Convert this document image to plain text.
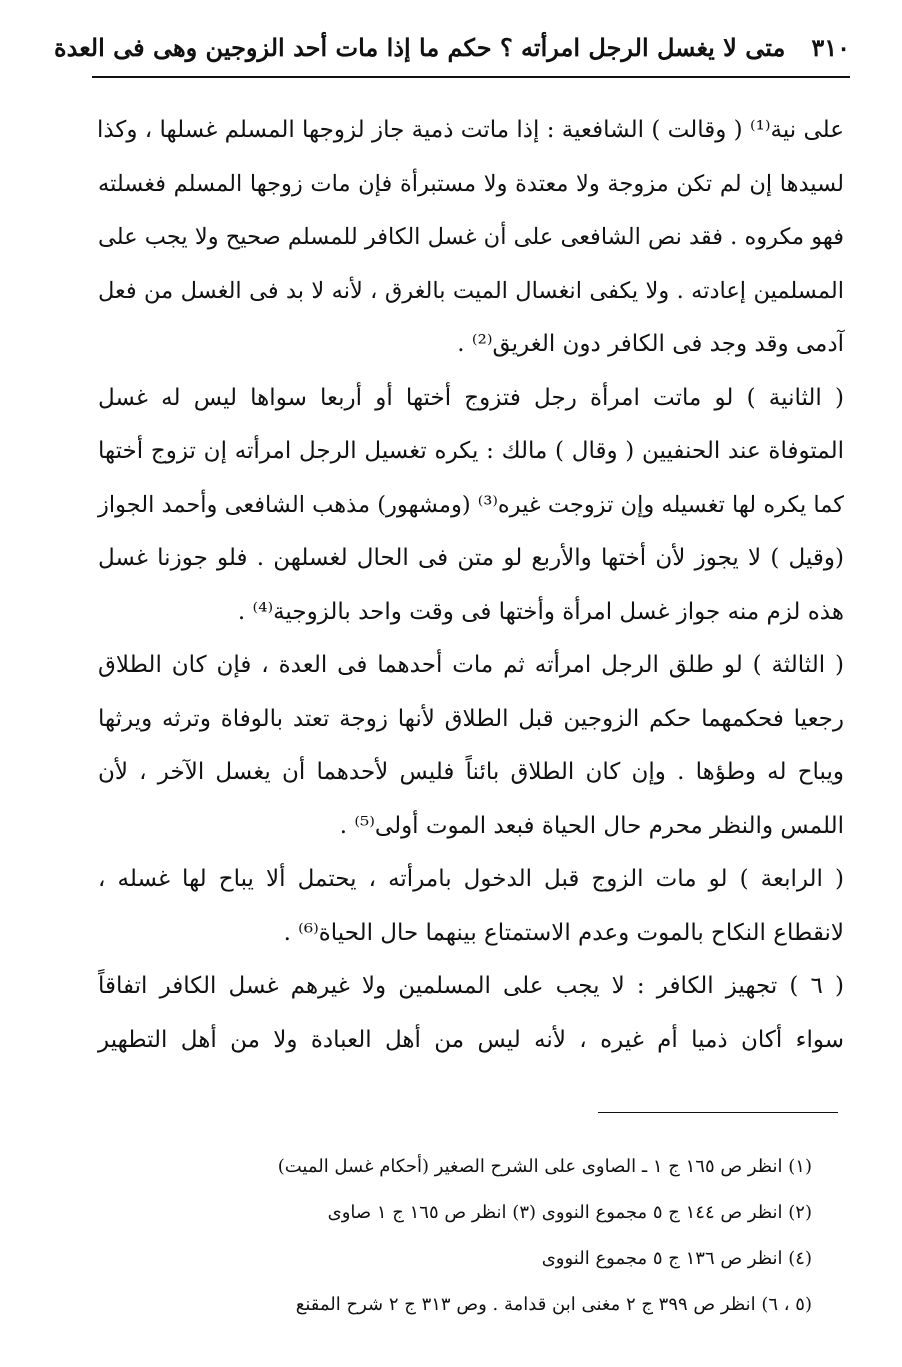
٣١٠
متى لا يغسل الرجل امرأته ؟ حكم ما إذا مات أحد الزوجين وهى فى العدة
على نية⁽¹⁾ ( وقالت ) الشافعية : إذا ماتت ذمية جاز لزوجها المسلم غسلها ، وكذا
لسيدها إن لم تكن مزوجة ولا معتدة ولا مستبرأة فإن مات زوجها المسلم فغسلته
فهو مكروه . فقد نص الشافعى على أن غسل الكافر للمسلم صحيح ولا يجب على
المسلمين إعادته . ولا يكفى انغسال الميت بالغرق ، لأنه لا بد فى الغسل من فعل
آدمى وقد وجد فى الكافر دون الغريق⁽²⁾ .
( الثانية ) لو ماتت امرأة رجل فتزوج أختها أو أربعا سواها ليس له غسل
المتوفاة عند الحنفيين ( وقال ) مالك : يكره تغسيل الرجل امرأته إن تزوج أختها
كما يكره لها تغسيله وإن تزوجت غيره⁽³⁾ (ومشهور) مذهب الشافعى وأحمد الجواز
(وقيل ) لا يجوز لأن أختها والأربع لو متن فى الحال لغسلهن . فلو جوزنا غسل
هذه لزم منه جواز غسل امرأة وأختها فى وقت واحد بالزوجية⁽⁴⁾ .
( الثالثة ) لو طلق الرجل امرأته ثم مات أحدهما فى العدة ، فإن كان الطلاق
رجعيا فحكمهما حكم الزوجين قبل الطلاق لأنها زوجة تعتد بالوفاة وترثه ويرثها
ويباح له وطؤها . وإن كان الطلاق بائناً فليس لأحدهما أن يغسل الآخر ، لأن
اللمس والنظر محرم حال الحياة فبعد الموت أولى⁽⁵⁾ .
( الرابعة ) لو مات الزوج قبل الدخول بامرأته ، يحتمل ألا يباح لها غسله ،
لانقطاع النكاح بالموت وعدم الاستمتاع بينهما حال الحياة⁽⁶⁾ .
( ٦ ) تجهيز الكافر : لا يجب على المسلمين ولا غيرهم غسل الكافر اتفاقاً
سواء أكان ذميا أم غيره ، لأنه ليس من أهل العبادة ولا من أهل التطهير
(١) انظر ص ١٦٥ ج ١ ـ الصاوى على الشرح الصغير (أحكام غسل الميت)
(٢) انظر ص ١٤٤ ج ٥ مجموع النووى (٣) انظر ص ١٦٥ ج ١ صاوى
(٤) انظر ص ١٣٦ ج ٥ مجموع النووى
(٥ ، ٦) انظر ص ٣٩٩ ج ٢ مغنى ابن قدامة . وص ٣١٣ ج ٢ شرح المقنع
